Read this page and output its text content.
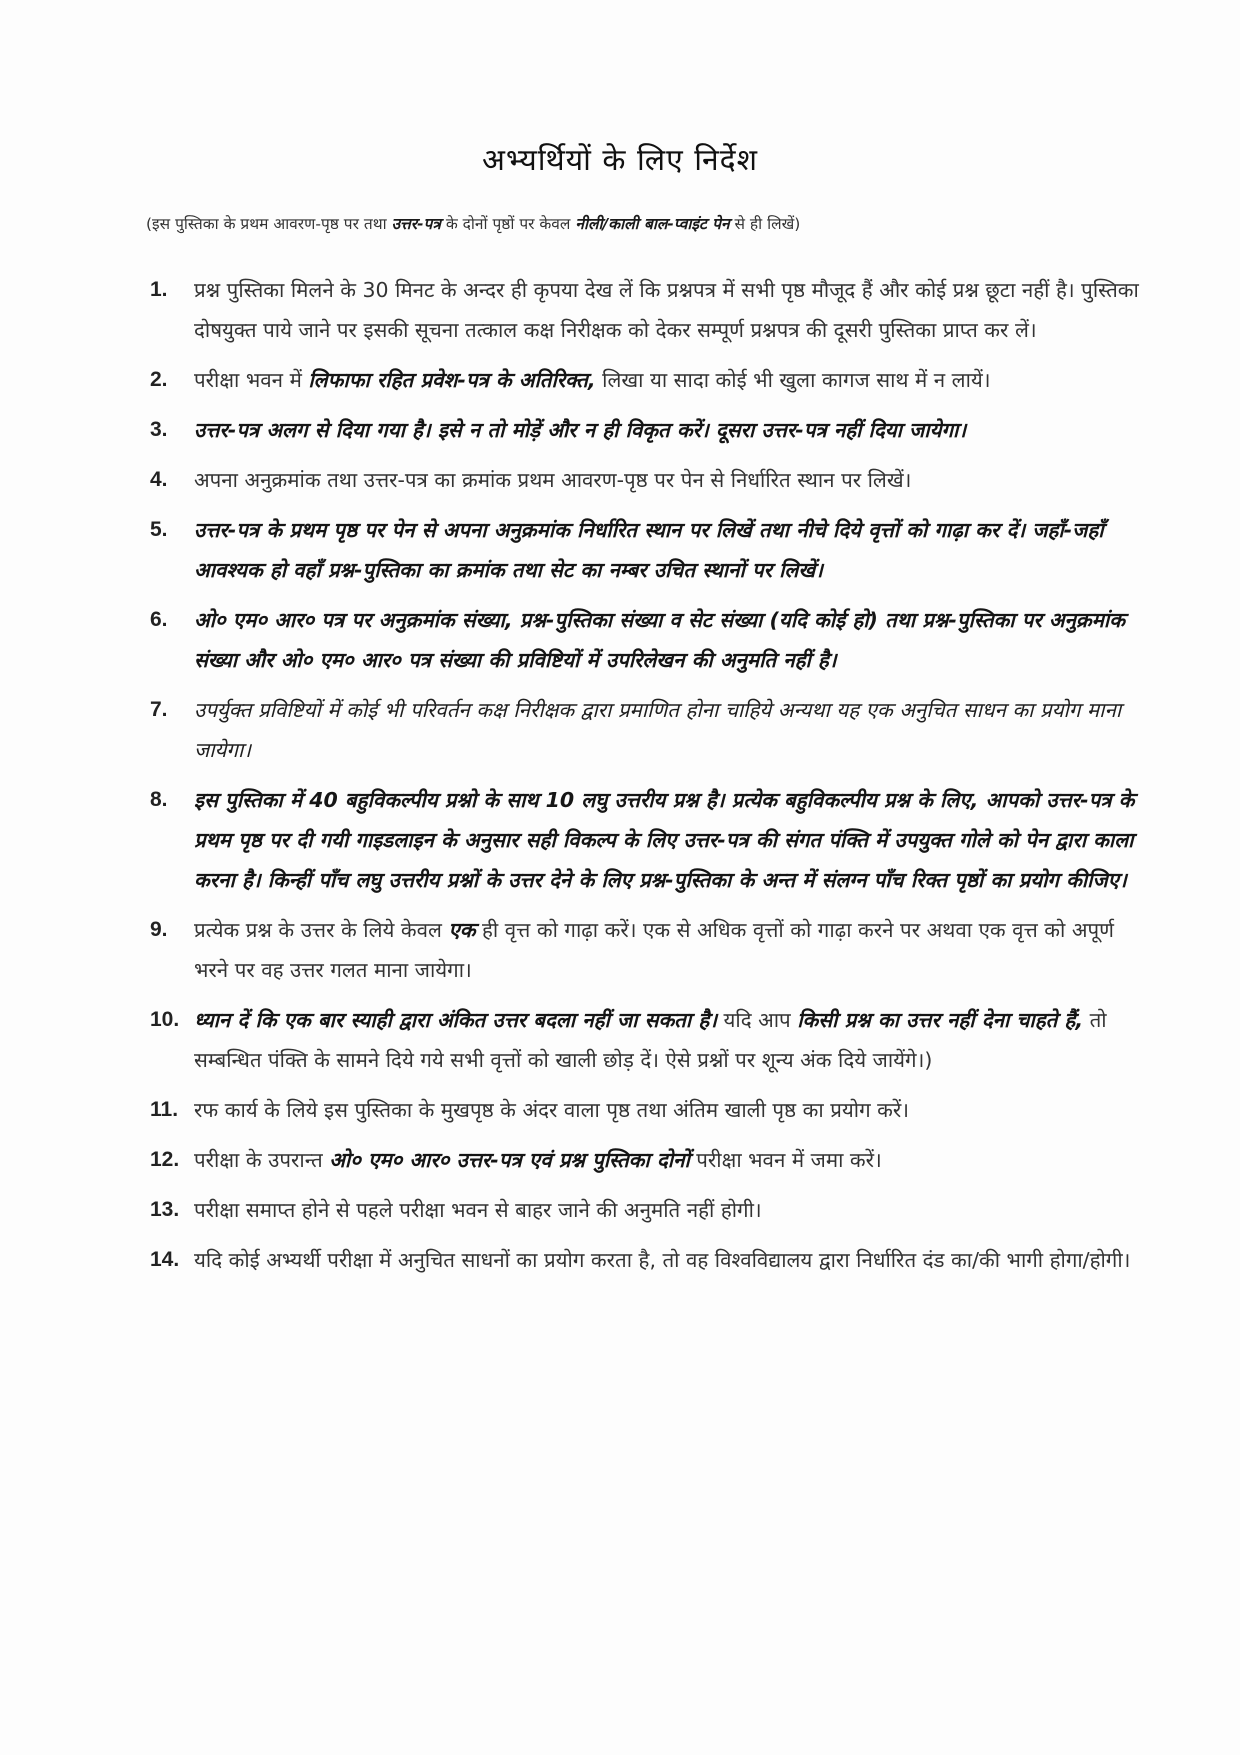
अभ्यर्थियों के लिए निर्देश
(इस पुस्तिका के प्रथम आवरण-पृष्ठ पर तथा उत्तर-पत्र के दोनों पृष्ठों पर केवल नीली/काली बाल-प्वाइंट पेन से ही लिखें)
1.	प्रश्न पुस्तिका मिलने के 30 मिनट के अन्दर ही कृपया देख लें कि प्रश्नपत्र में सभी पृष्ठ मौजूद हैं और कोई प्रश्न छूटा नहीं है। पुस्तिका दोषयुक्त पाये जाने पर इसकी सूचना तत्काल कक्ष निरीक्षक को देकर सम्पूर्ण प्रश्नपत्र की दूसरी पुस्तिका प्राप्त कर लें।
2.	परीक्षा भवन में लिफाफा रहित प्रवेश-पत्र के अतिरिक्त, लिखा या सादा कोई भी खुला कागज साथ में न लायें।
3.	उत्तर-पत्र अलग से दिया गया है। इसे न तो मोड़ें और न ही विकृत करें। दूसरा उत्तर-पत्र नहीं दिया जायेगा।
4.	अपना अनुक्रमांक तथा उत्तर-पत्र का क्रमांक प्रथम आवरण-पृष्ठ पर पेन से निर्धारित स्थान पर लिखें।
5.	उत्तर-पत्र के प्रथम पृष्ठ पर पेन से अपना अनुक्रमांक निर्धारित स्थान पर लिखें तथा नीचे दिये वृत्तों को गाढ़ा कर दें। जहाँ-जहाँ आवश्यक हो वहाँ प्रश्न-पुस्तिका का क्रमांक तथा सेट का नम्बर उचित स्थानों पर लिखें।
6.	ओ० एम० आर० पत्र पर अनुक्रमांक संख्या, प्रश्न-पुस्तिका संख्या व सेट संख्या (यदि कोई हो) तथा प्रश्न-पुस्तिका पर अनुक्रमांक संख्या और ओ० एम० आर० पत्र संख्या की प्रविष्टियों में उपरिलेखन की अनुमति नहीं है।
7.	उपर्युक्त प्रविष्टियों में कोई भी परिवर्तन कक्ष निरीक्षक द्वारा प्रमाणित होना चाहिये अन्यथा यह एक अनुचित साधन का प्रयोग माना जायेगा।
8.	इस पुस्तिका में 40 बहुविकल्पीय प्रश्नो के साथ 10 लघु उत्तरीय प्रश्न है। प्रत्येक बहुविकल्पीय प्रश्न के लिए, आपको उत्तर-पत्र के प्रथम पृष्ठ पर दी गयी गाइडलाइन के अनुसार सही विकल्प के लिए उत्तर-पत्र की संगत पंक्ति में उपयुक्त गोले को पेन द्वारा काला करना है। किन्हीं पाँच लघु उत्तरीय प्रश्नों के उत्तर देने के लिए प्रश्न-पुस्तिका के अन्त में संलग्न पाँच रिक्त पृष्ठों का प्रयोग कीजिए।
9.	प्रत्येक प्रश्न के उत्तर के लिये केवल एक ही वृत्त को गाढ़ा करें। एक से अधिक वृत्तों को गाढ़ा करने पर अथवा एक वृत्त को अपूर्ण भरने पर वह उत्तर गलत माना जायेगा।
10. ध्यान दें कि एक बार स्याही द्वारा अंकित उत्तर बदला नहीं जा सकता है। यदि आप किसी प्रश्न का उत्तर नहीं देना चाहते हैं, तो सम्बन्धित पंक्ति के सामने दिये गये सभी वृत्तों को खाली छोड़ दें। ऐसे प्रश्नों पर शून्य अंक दिये जायेंगे।)
11. रफ कार्य के लिये इस पुस्तिका के मुखपृष्ठ के अंदर वाला पृष्ठ तथा अंतिम खाली पृष्ठ का प्रयोग करें।
12. परीक्षा के उपरान्त ओ० एम० आर० उत्तर-पत्र एवं प्रश्न पुस्तिका दोनों परीक्षा भवन में जमा करें।
13. परीक्षा समाप्त होने से पहले परीक्षा भवन से बाहर जाने की अनुमति नहीं होगी।
14. यदि कोई अभ्यर्थी परीक्षा में अनुचित साधनों का प्रयोग करता है, तो वह विश्वविद्यालय द्वारा निर्धारित दंड का/की भागी होगा/होगी।
